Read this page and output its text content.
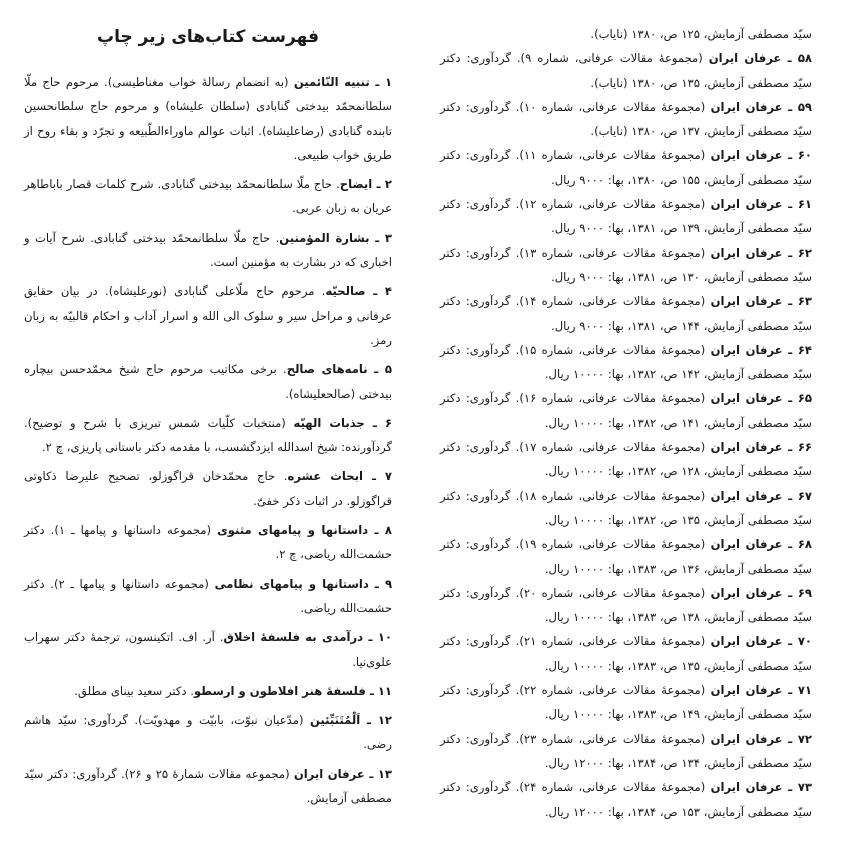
سیّد مصطفی آزمایش، ۱۲۵ ص، ۱۳۸۰ (نایاب).

۵۸ ـ عرفان ایران (مجموعهٔ مقالات عرفانی، شماره ۹). گردآوری: دکتر سیّد مصطفی آزمایش، ۱۳۵ ص، ۱۳۸۰ (نایاب).

۵۹ ـ عرفان ایران (مجموعهٔ مقالات عرفانی، شماره ۱۰). گردآوری: دکتر سیّد مصطفی آزمایش، ۱۳۷ ص، ۱۳۸۰ (نایاب).

۶۰ ـ عرفان ایران (مجموعهٔ مقالات عرفانی، شماره ۱۱). گردآوری: دکتر سیّد مصطفی آزمایش، ۱۵۵ ص، ۱۳۸۰، بها: ۹۰۰۰ ریال.

۶۱ ـ عرفان ایران (مجموعهٔ مقالات عرفانی، شماره ۱۲). گردآوری: دکتر سیّد مصطفی آزمایش، ۱۳۹ ص، ۱۳۸۱، بها: ۹۰۰۰ ریال.

۶۲ ـ عرفان ایران (مجموعهٔ مقالات عرفانی، شماره ۱۳). گردآوری: دکتر سیّد مصطفی آزمایش، ۱۳۰ ص، ۱۳۸۱، بها: ۹۰۰۰ ریال.

۶۳ ـ عرفان ایران (مجموعهٔ مقالات عرفانی، شماره ۱۴). گردآوری: دکتر سیّد مصطفی آزمایش، ۱۴۴ ص، ۱۳۸۱، بها: ۹۰۰۰ ریال.

۶۴ ـ عرفان ایران (مجموعهٔ مقالات عرفانی، شماره ۱۵). گردآوری: دکتر سیّد مصطفی آزمایش، ۱۴۲ ص، ۱۳۸۲، بها: ۱۰۰۰۰ ریال.

۶۵ ـ عرفان ایران (مجموعهٔ مقالات عرفانی، شماره ۱۶). گردآوری: دکتر سیّد مصطفی آزمایش، ۱۴۱ ص، ۱۳۸۲، بها: ۱۰۰۰۰ ریال.

۶۶ ـ عرفان ایران (مجموعهٔ مقالات عرفانی، شماره ۱۷). گردآوری: دکتر سیّد مصطفی آزمایش، ۱۲۸ ص، ۱۳۸۲، بها: ۱۰۰۰۰ ریال.

۶۷ ـ عرفان ایران (مجموعهٔ مقالات عرفانی، شماره ۱۸). گردآوری: دکتر سیّد مصطفی آزمایش، ۱۳۵ ص، ۱۳۸۲، بها: ۱۰۰۰۰ ریال.

۶۸ ـ عرفان ایران (مجموعهٔ مقالات عرفانی، شماره ۱۹). گردآوری: دکتر سیّد مصطفی آزمایش، ۱۳۶ ص، ۱۳۸۳، بها: ۱۰۰۰۰ ریال.

۶۹ ـ عرفان ایران (مجموعهٔ مقالات عرفانی، شماره ۲۰). گردآوری: دکتر سیّد مصطفی آزمایش، ۱۳۸ ص، ۱۳۸۳، بها: ۱۰۰۰۰ ریال.

۷۰ ـ عرفان ایران (مجموعهٔ مقالات عرفانی، شماره ۲۱). گردآوری: دکتر سیّد مصطفی آزمایش، ۱۳۵ ص، ۱۳۸۳، بها: ۱۰۰۰۰ ریال.

۷۱ ـ عرفان ایران (مجموعهٔ مقالات عرفانی، شماره ۲۲). گردآوری: دکتر سیّد مصطفی آزمایش، ۱۴۹ ص، ۱۳۸۳، بها: ۱۰۰۰۰ ریال.

۷۲ ـ عرفان ایران (مجموعهٔ مقالات عرفانی، شماره ۲۳). گردآوری: دکتر سیّد مصطفی آزمایش، ۱۳۴ ص، ۱۳۸۴، بها: ۱۲۰۰۰ ریال.

۷۳ ـ عرفان ایران (مجموعهٔ مقالات عرفانی، شماره ۲۴). گردآوری: دکتر سیّد مصطفی آزمایش، ۱۵۳ ص، ۱۳۸۴، بها: ۱۲۰۰۰ ریال.

فهرست کتاب‌های زیر چاپ

۱ ـ تنبیه النّائمین (به انضمام رسالهٔ خواب مغناطیسی). مرحوم حاج ملّا سلطانمحمّد بیدختی گنابادی (سلطان علیشاه) و مرحوم حاج سلطانحسین تابنده گنابادی (رضاعلیشاه). اثبات عوالم ماوراءالطّبیعه و تجرّد و بقاء روح از طریق خواب طبیعی.

۲ ـ ایضاح. حاج ملّا سلطانمحمّد بیدختی گنابادی. شرح کلمات قصار باباطاهر عریان به زبان عربی.

۳ ـ بشارة المؤمنین. حاج ملّا سلطانمحمّد بیدختی گنابادی. شرح آیات و اخباری که در بشارت به مؤمنین است.

۴ ـ صالحیّه. مرحوم حاج ملّاعلی گنابادی (نورعلیشاه). در بیان حقایق عرفانی و مراحل سیر و سلوک الی الله و اسرار آداب و احکام قالبیّه به زبان رمز.

۵ ـ نامه‌های صالح. برخی مکاتیب مرحوم حاج شیخ محمّدحسن بیچاره بیدختی (صالحعلیشاه).

۶ ـ جذبات الهیّه (منتخبات کلّیات شمس تبریزی با شرح و توضیح). گردآورنده: شیخ اسدالله ایزدگشسب، با مقدمه دکتر باستانی پاریزی، چ ۲.

۷ ـ ابحاث عشره. حاج محمّدخان قراگوزلو، تصحیح علیرضا ذکاوتی قراگوزلو. در اثبات ذکر خفیّ.

۸ ـ داستانها و پیامهای مثنوی (مجموعه داستانها و پیامها ـ ۱). دکتر حشمت‌الله ریاضی، چ ۲.

۹ ـ داستانها و پیامهای نظامی (مجموعه داستانها و پیامها ـ ۲). دکتر حشمت‌الله ریاضی.

۱۰ ـ درآمدی به فلسفهٔ اخلاق. آر. اف. اتکینسون، ترجمهٔ دکتر سهراب علوی‌نیا.

۱۱ ـ فلسفهٔ هنر افلاطون و ارسطو. دکتر سعید بینای مطلق.

۱۲ ـ اَلْمُتَنَبِّئین (مدّعیان نبوّت، بابیّت و مهدویّت). گردآوری: سیّد هاشم رضی.

۱۳ ـ عرفان ایران (مجموعه مقالات شمارهٔ ۲۵ و ۲۶). گردآوری: دکتر سیّد مصطفی آزمایش.
